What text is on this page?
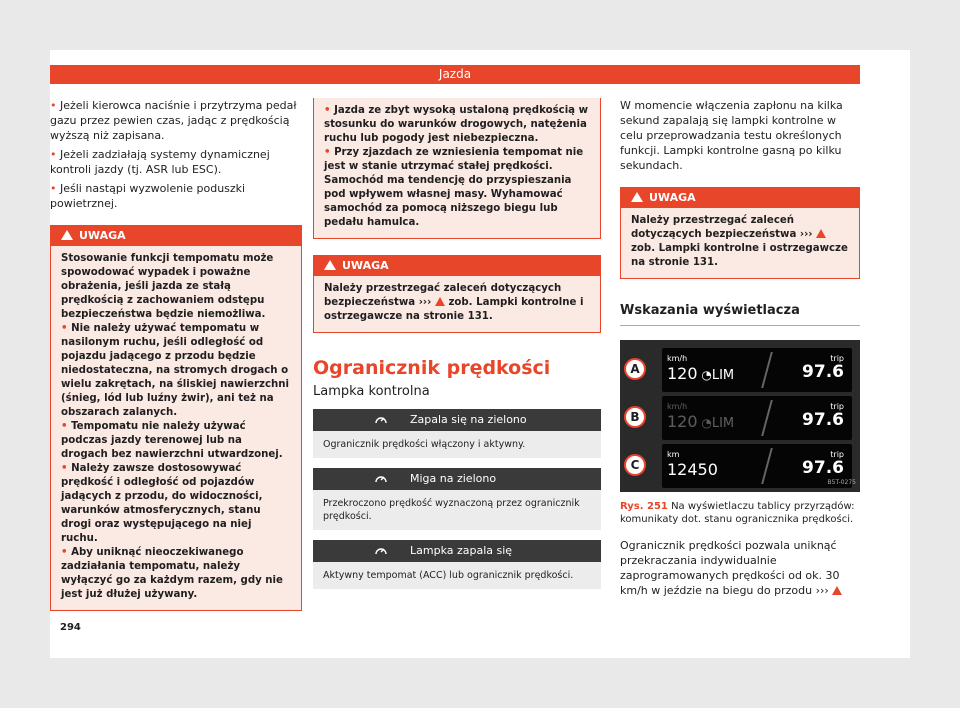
Jazda

• Jeżeli kierowca naciśnie i przytrzyma pedał gazu przez pewien czas, jadąc z prędkością wyższą niż zapisana.

• Jeżeli zadziałają systemy dynamicznej kontroli jazdy (tj. ASR lub ESC).

• Jeśli nastąpi wyzwolenie poduszki powietrznej.

UWAGA

Stosowanie funkcji tempomatu może spowodować wypadek i poważne obrażenia, jeśli jazda ze stałą prędkością z zachowaniem odstępu bezpieczeństwa będzie niemożliwa.

• Nie należy używać tempomatu w nasilonym ruchu, jeśli odległość od pojazdu jadącego z przodu będzie niedostateczna, na stromych drogach o wielu zakrętach, na śliskiej nawierzchni (śnieg, lód lub luźny żwir), ani też na obszarach zalanych.

• Tempomatu nie należy używać podczas jazdy terenowej lub na drogach bez nawierzchni utwardzonej.

• Należy zawsze dostosowywać prędkość i odległość od pojazdów jadących z przodu, do widoczności, warunków atmosferycznych, stanu drogi oraz występującego na niej ruchu.

• Aby uniknąć nieoczekiwanego zadziałania tempomatu, należy wyłączyć go za każdym razem, gdy nie jest już dłużej używany.

• Jazda ze zbyt wysoką ustaloną prędkością w stosunku do warunków drogowych, natężenia ruchu lub pogody jest niebezpieczna.

• Przy zjazdach ze wzniesienia tempomat nie jest w stanie utrzymać stałej prędkości. Samochód ma tendencję do przyspieszania pod wpływem własnej masy. Wyhamować samochód za pomocą niższego biegu lub pedału hamulca.

UWAGA
Należy przestrzegać zaleceń dotyczących bezpieczeństwa ››› zob. Lampki kontrolne i ostrzegawcze na stronie 131.
Ogranicznik prędkości
Lampka kontrolna
Zapala się na zielono
Ogranicznik prędkości włączony i aktywny.
Miga na zielono
Przekroczono prędkość wyznaczoną przez ogranicznik prędkości.
Lampka zapala się
Aktywny tempomat (ACC) lub ogranicznik prędkości.

W momencie włączenia zapłonu na kilka sekund zapalają się lampki kontrolne w celu przeprowadzania testu określonych funkcji. Lampki kontrolne gasną po kilku sekundach.

UWAGA
Należy przestrzegać zaleceń dotyczących bezpieczeństwa ›››  zob. Lampki kontrolne i ostrzegawcze na stronie 131.
Wskazania wyświetlacza
A
km/h
120 ◔LIM
trip
97.6
B
km/h
120 ◔LIM
trip
97.6
C
km
12450
trip
97.6
B5T-0275

Rys. 251 Na wyświetlaczu tablicy przyrządów: komunikaty dot. stanu ogranicznika prędkości.

Ogranicznik prędkości pozwala uniknąć przekraczania indywidualnie zaprogramowanych prędkości od ok. 30 km/h w jeździe na biegu do przodu ›››

294
